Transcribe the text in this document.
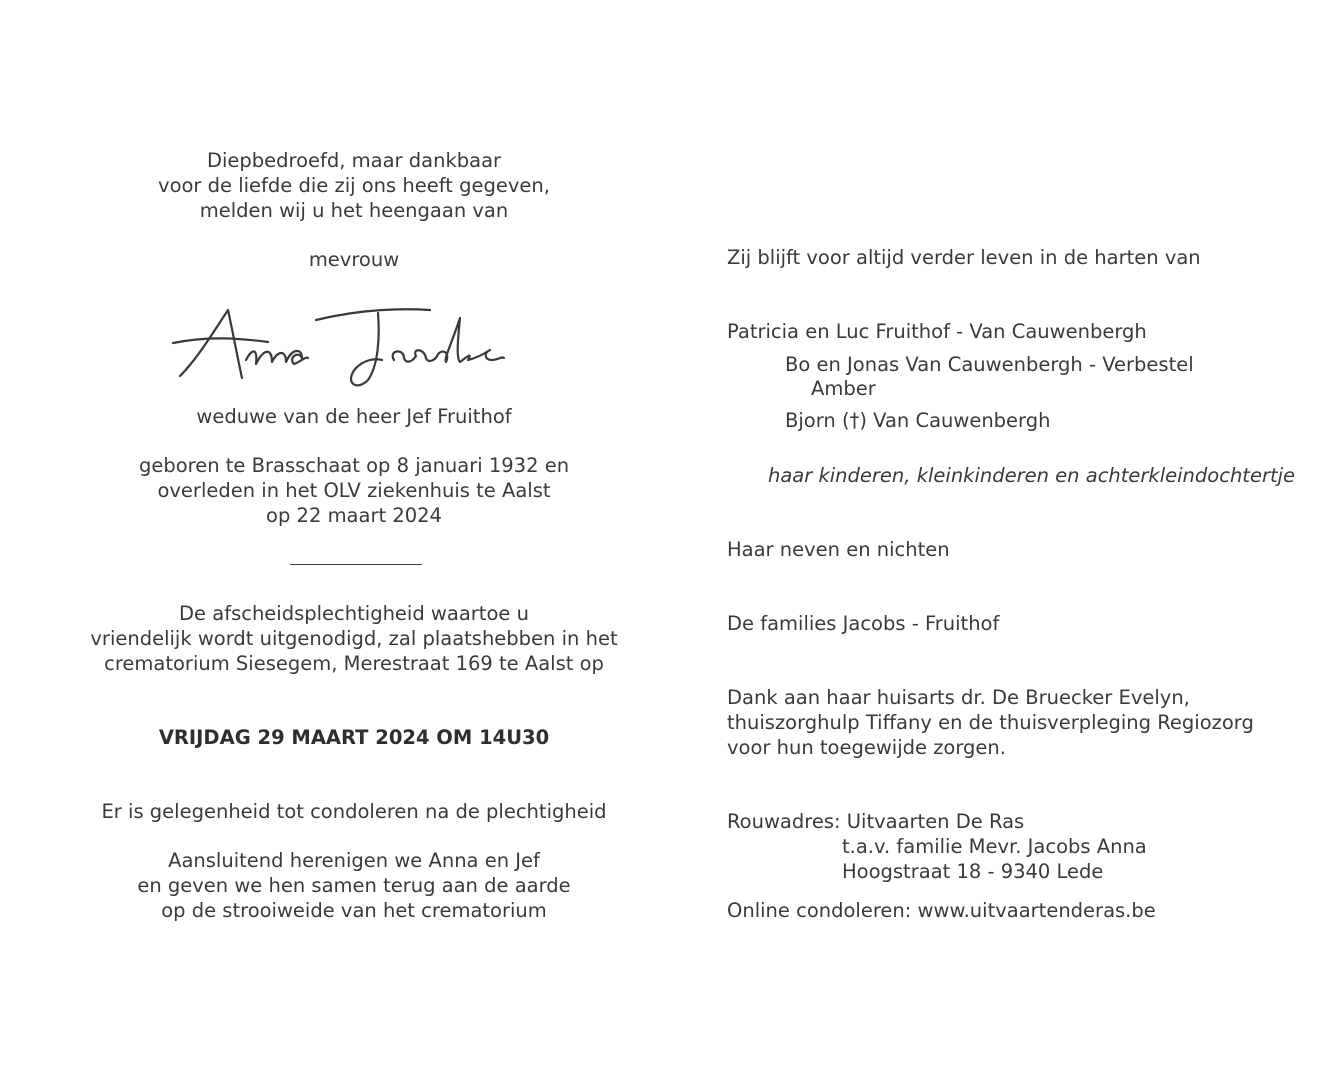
Diepbedroefd, maar dankbaar
voor de liefde die zij ons heeft gegeven,
melden wij u het heengaan van
mevrouw
Anna Jacobs
weduwe van de heer Jef Fruithof
geboren te Brasschaat op 8 januari 1932 en
overleden in het OLV ziekenhuis te Aalst
op 22 maart 2024
De afscheidsplechtigheid waartoe u
vriendelijk wordt uitgenodigd, zal plaatshebben in het
crematorium Siesegem, Merestraat 169 te Aalst op
VRIJDAG 29 MAART 2024 OM 14U30
Er is gelegenheid tot condoleren na de plechtigheid
Aansluitend herenigen we Anna en Jef
en geven we hen samen terug aan de aarde
op de strooiweide van het crematorium
Zij blijft voor altijd verder leven in de harten van
Patricia en Luc Fruithof - Van Cauwenbergh
Bo en Jonas Van Cauwenbergh - Verbestel
Amber
Bjorn (†) Van Cauwenbergh
haar kinderen, kleinkinderen en achterkleindochtertje
Haar neven en nichten
De families Jacobs - Fruithof
Dank aan haar huisarts dr. De Bruecker Evelyn,
thuiszorghulp Tiffany en de thuisverpleging Regiozorg
voor hun toegewijde zorgen.
Rouwadres: Uitvaarten De Ras
t.a.v. familie Mevr. Jacobs Anna
Hoogstraat 18 - 9340 Lede
Online condoleren: www.uitvaartenderas.be
